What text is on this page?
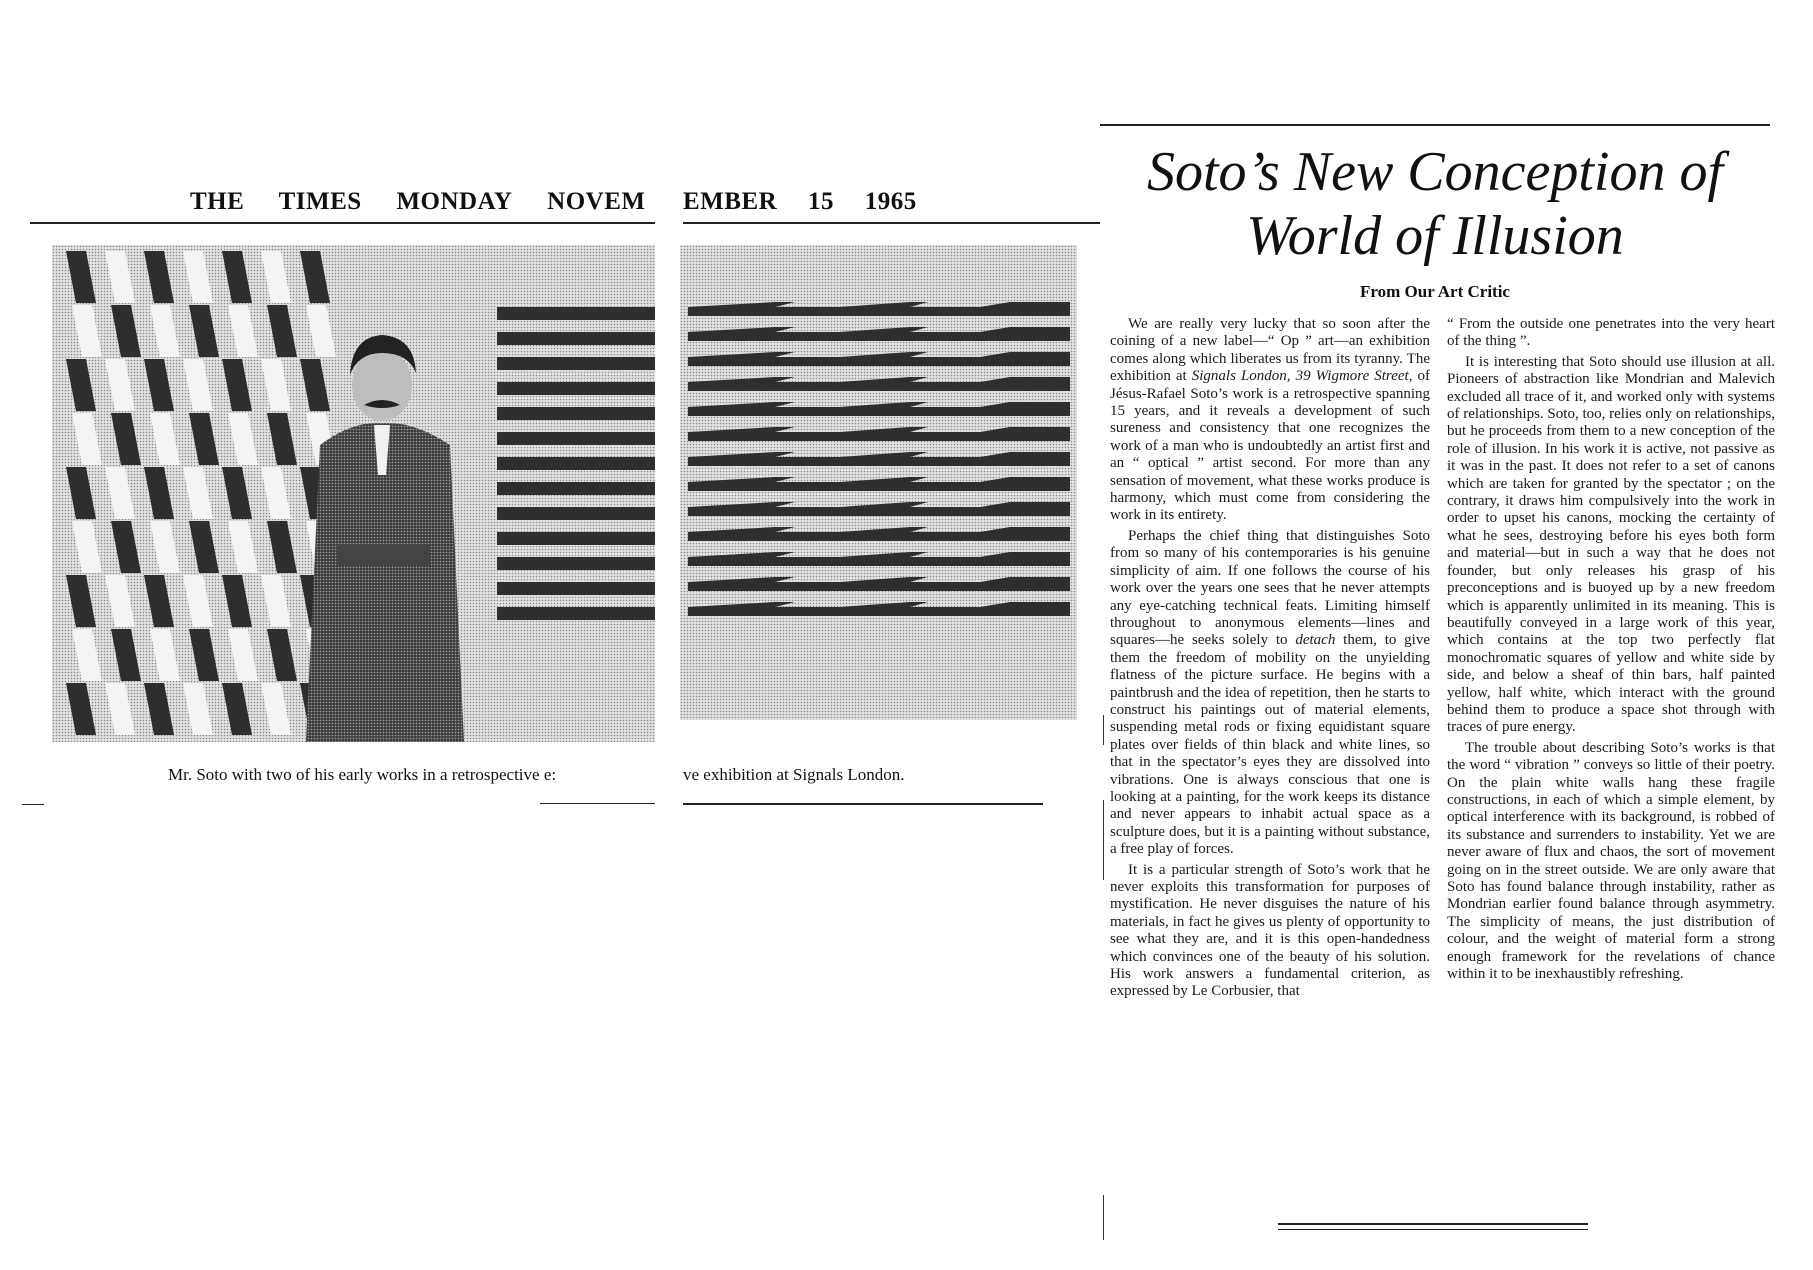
THE TIMES MONDAY NOVEM EMBER 15 1965
Mr. Soto with two of his early works in a retrospective e:	ve exhibition at Signals London.
Soto’s New Conception of
World of Illusion
From Our Art Critic

We are really very lucky that so soon after the coining of a new label—“ Op ” art—an exhibition comes along which liberates us from its tyranny. The exhibition at Signals London, 39 Wigmore Street, of Jésus-Rafael Soto’s work is a retrospective spanning 15 years, and it reveals a development of such sureness and consistency that one recognizes the work of a man who is undoubtedly an artist first and an “ optical ” artist second. For more than any sensation of movement, what these works produce is harmony, which must come from considering the work in its entirety.

Perhaps the chief thing that distinguishes Soto from so many of his contemporaries is his genuine simplicity of aim. If one follows the course of his work over the years one sees that he never attempts any eye-catching technical feats. Limiting himself throughout to anonymous elements—lines and squares—he seeks solely to detach them, to give them the freedom of mobility on the unyielding flatness of the picture surface. He begins with a paintbrush and the idea of repetition, then he starts to construct his paintings out of material elements, suspending metal rods or fixing equidistant square plates over fields of thin black and white lines, so that in the spectator’s eyes they are dissolved into vibrations. One is always conscious that one is looking at a painting, for the work keeps its distance and never appears to inhabit actual space as a sculpture does, but it is a painting without substance, a free play of forces.

It is a particular strength of Soto’s work that he never exploits this transformation for purposes of mystification. He never disguises the nature of his materials, in fact he gives us plenty of opportunity to see what they are, and it is this open-handedness which convinces one of the beauty of his solution. His work answers a fundamental criterion, as expressed by Le Corbusier, that

“ From the outside one penetrates into the very heart of the thing ”.

It is interesting that Soto should use illusion at all. Pioneers of abstraction like Mondrian and Malevich excluded all trace of it, and worked only with systems of relationships. Soto, too, relies only on relationships, but he proceeds from them to a new conception of the role of illusion. In his work it is active, not passive as it was in the past. It does not refer to a set of canons which are taken for granted by the spectator ; on the contrary, it draws him compulsively into the work in order to upset his canons, mocking the certainty of what he sees, destroying before his eyes both form and material—but in such a way that he does not founder, but only releases his grasp of his preconceptions and is buoyed up by a new freedom which is apparently unlimited in its meaning. This is beautifully conveyed in a large work of this year, which contains at the top two perfectly flat monochromatic squares of yellow and white side by side, and below a sheaf of thin bars, half painted yellow, half white, which interact with the ground behind them to produce a space shot through with traces of pure energy.

The trouble about describing Soto’s works is that the word “ vibration ” conveys so little of their poetry. On the plain white walls hang these fragile constructions, in each of which a simple element, by optical interference with its background, is robbed of its substance and surrenders to instability. Yet we are never aware of flux and chaos, the sort of movement going on in the street outside. We are only aware that Soto has found balance through instability, rather as Mondrian earlier found balance through asymmetry. The simplicity of means, the just distribution of colour, and the weight of material form a strong enough framework for the revelations of chance within it to be inexhaustibly refreshing.
